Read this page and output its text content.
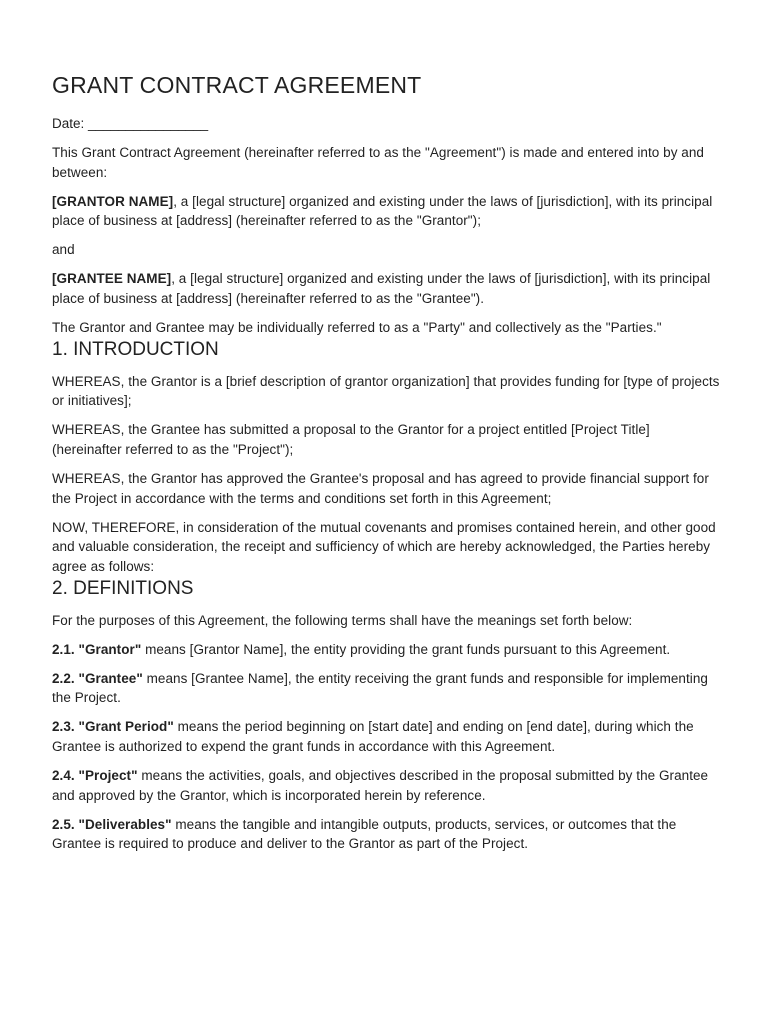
GRANT CONTRACT AGREEMENT
Date: ________________

This Grant Contract Agreement (hereinafter referred to as the "Agreement") is made and entered into by and between:

[GRANTOR NAME], a [legal structure] organized and existing under the laws of [jurisdiction], with its principal place of business at [address] (hereinafter referred to as the "Grantor");

and

[GRANTEE NAME], a [legal structure] organized and existing under the laws of [jurisdiction], with its principal place of business at [address] (hereinafter referred to as the "Grantee").

The Grantor and Grantee may be individually referred to as a "Party" and collectively as the "Parties."

1. INTRODUCTION

WHEREAS, the Grantor is a [brief description of grantor organization] that provides funding for [type of projects or initiatives];

WHEREAS, the Grantee has submitted a proposal to the Grantor for a project entitled [Project Title] (hereinafter referred to as the "Project");

WHEREAS, the Grantor has approved the Grantee's proposal and has agreed to provide financial support for the Project in accordance with the terms and conditions set forth in this Agreement;

NOW, THEREFORE, in consideration of the mutual covenants and promises contained herein, and other good and valuable consideration, the receipt and sufficiency of which are hereby acknowledged, the Parties hereby agree as follows:

2. DEFINITIONS

For the purposes of this Agreement, the following terms shall have the meanings set forth below:

2.1. "Grantor" means [Grantor Name], the entity providing the grant funds pursuant to this Agreement.

2.2. "Grantee" means [Grantee Name], the entity receiving the grant funds and responsible for implementing the Project.

2.3. "Grant Period" means the period beginning on [start date] and ending on [end date], during which the Grantee is authorized to expend the grant funds in accordance with this Agreement.

2.4. "Project" means the activities, goals, and objectives described in the proposal submitted by the Grantee and approved by the Grantor, which is incorporated herein by reference.

2.5. "Deliverables" means the tangible and intangible outputs, products, services, or outcomes that the Grantee is required to produce and deliver to the Grantor as part of the Project.
